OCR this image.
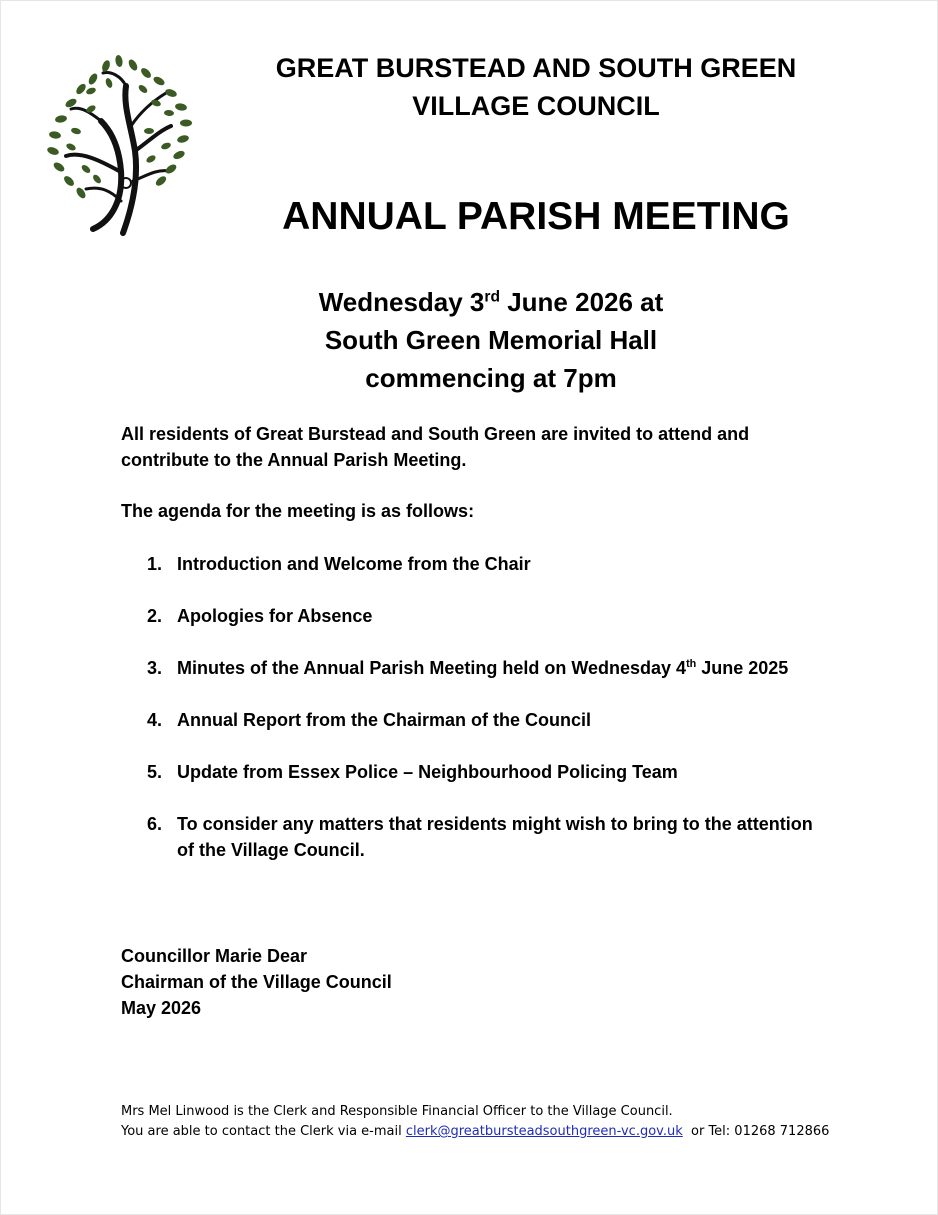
GREAT BURSTEAD AND SOUTH GREEN
VILLAGE COUNCIL
ANNUAL PARISH MEETING
Wednesday 3rd June 2026 at
South Green Memorial Hall
commencing at 7pm
All residents of Great Burstead and South Green are invited to attend and
contribute to the Annual Parish Meeting.
The agenda for the meeting is as follows:
1. Introduction and Welcome from the Chair
2. Apologies for Absence
3. Minutes of the Annual Parish Meeting held on Wednesday 4th June 2025
4. Annual Report from the Chairman of the Council
5. Update from Essex Police – Neighbourhood Policing Team
6. To consider any matters that residents might wish to bring to the attention
of the Village Council.
Councillor Marie Dear
Chairman of the Village Council
May 2026
Mrs Mel Linwood is the Clerk and Responsible Financial Officer to the Village Council.
You are able to contact the Clerk via e-mail clerk@greatbursteadsouthgreen-vc.gov.uk  or Tel: 01268 712866
